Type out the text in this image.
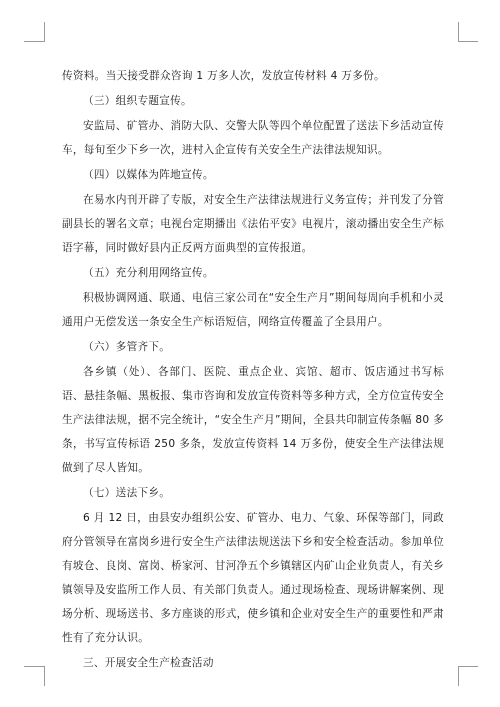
传资料。当天接受群众咨询 1 万多人次，发放宣传材料 4 万多份。

（三）组织专题宣传。

安监局、矿管办、消防大队、交警大队等四个单位配置了送法下乡活动宣传车，每旬至少下乡一次，进村入企宣传有关安全生产法律法规知识。

（四）以媒体为阵地宣传。

在易水内刊开辟了专版，对安全生产法律法规进行义务宣传；并刊发了分管副县长的署名文章；电视台定期播出《法佑平安》电视片，滚动播出安全生产标语字幕，同时做好县内正反两方面典型的宣传报道。

（五）充分利用网络宣传。

积极协调网通、联通、电信三家公司在“安全生产月”期间每周向手机和小灵通用户无偿发送一条安全生产标语短信，网络宣传覆盖了全县用户。

（六）多管齐下。

各乡镇（处）、各部门、医院、重点企业、宾馆、超市、饭店通过书写标语、悬挂条幅、黑板报、集市咨询和发放宣传资料等多种方式，全方位宣传安全生产法律法规，据不完全统计，“安全生产月”期间，全县共印制宣传条幅 80 多条，书写宣传标语 250 多条，发放宣传资料 14 万多份，使安全生产法律法规做到了尽人皆知。

（七）送法下乡。

6 月 12 日，由县安办组织公安、矿管办、电力、气象、环保等部门，同政府分管领导在富岗乡进行安全生产法律法规送法下乡和安全检查活动。参加单位有坡仓、良岗、富岗、桥家河、甘河净五个乡镇辖区内矿山企业负责人，有关乡镇领导及安监所工作人员、有关部门负责人。通过现场检查、现场讲解案例、现场分析、现场送书、多方座谈的形式，使乡镇和企业对安全生产的重要性和严肃性有了充分认识。

三、开展安全生产检查活动
